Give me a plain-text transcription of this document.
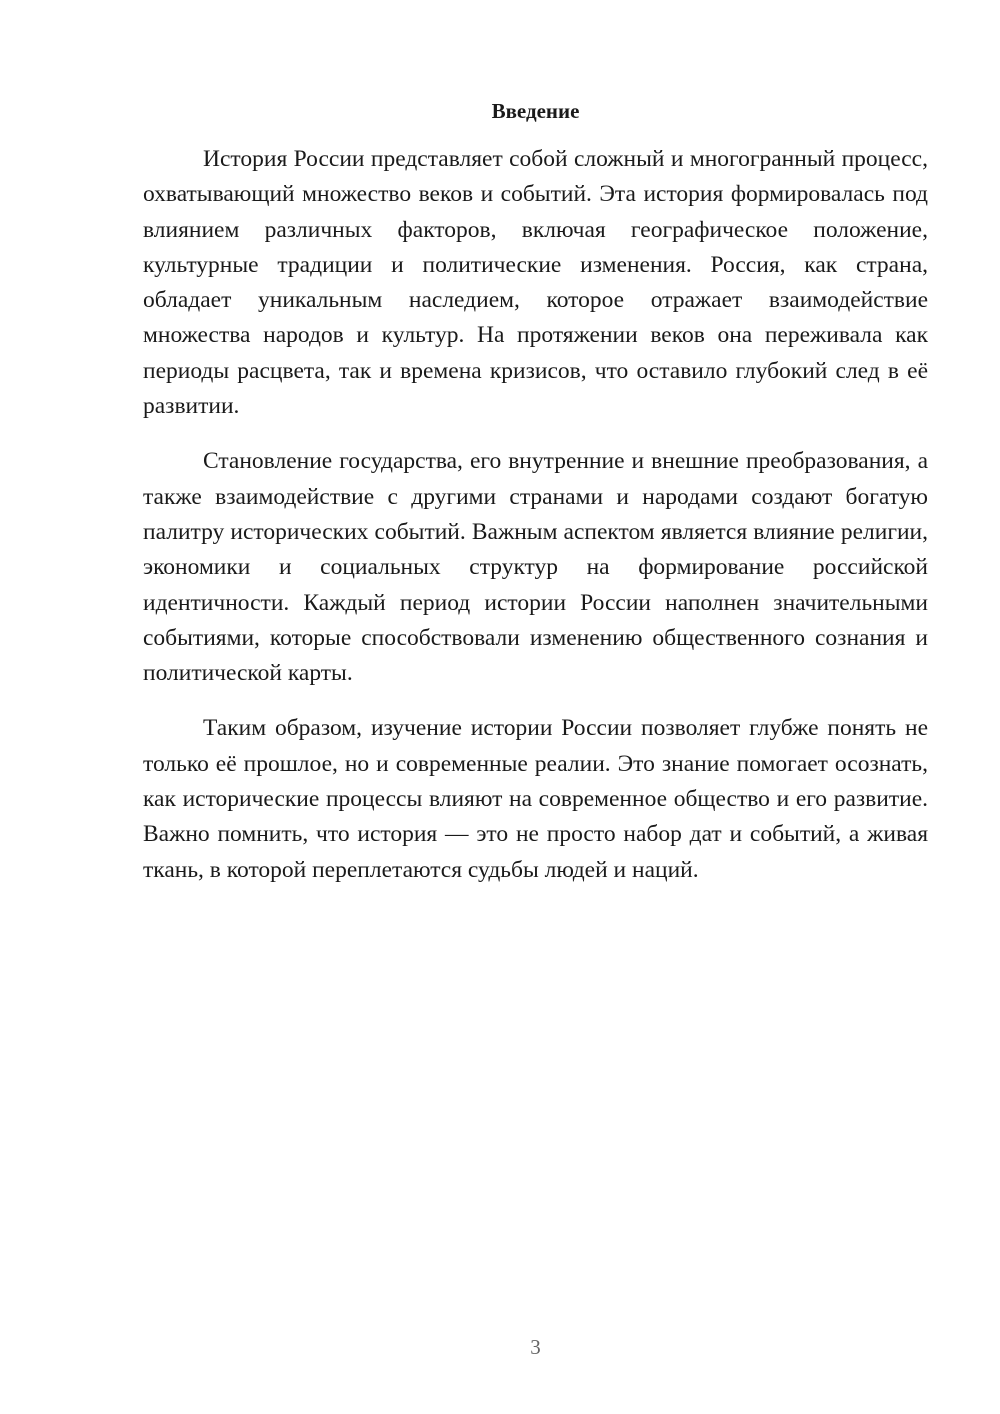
Введение

История России представляет собой сложный и многогранный процесс, охватывающий множество веков и событий. Эта история формировалась под влиянием различных факторов, включая географическое положение, культурные традиции и политические изменения. Россия, как страна, обладает уникальным наследием, которое отражает взаимодействие множества народов и культур. На протяжении веков она переживала как периоды расцвета, так и времена кризисов, что оставило глубокий след в её развитии.

Становление государства, его внутренние и внешние преобразования, а также взаимодействие с другими странами и народами создают богатую палитру исторических событий. Важным аспектом является влияние религии, экономики и социальных структур на формирование российской идентичности. Каждый период истории России наполнен значительными событиями, которые способствовали изменению общественного сознания и политической карты.

Таким образом, изучение истории России позволяет глубже понять не только её прошлое, но и современные реалии. Это знание помогает осознать, как исторические процессы влияют на современное общество и его развитие. Важно помнить, что история — это не просто набор дат и событий, а живая ткань, в которой переплетаются судьбы людей и наций.

3
